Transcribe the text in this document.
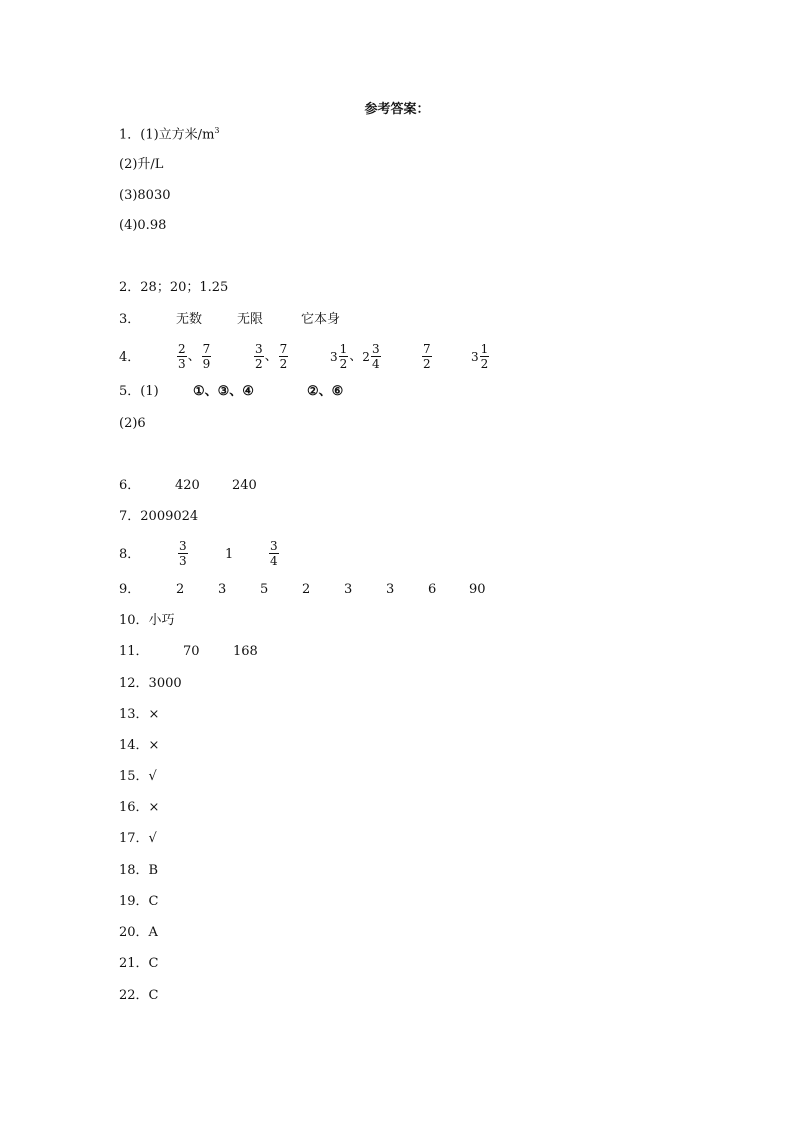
参考答案：
1．(1)立方米$/m^3$
(2)升/L
(3)8030
(4)0.98
2．28；20；1.25
3．	无数	无限	它本身
4．	$\frac{2}{3}$ 、 $\frac{7}{9}$	$\frac{3}{2}$ 、 $\frac{7}{2}$	$3 \frac{1}{2}$ 、 $2 \frac{3}{4}$	$\frac{7}{2}$	$3 \frac{1}{2}$
5．(1)	①、③、④	②、⑥
(2)6
6．	420 240
7．2009024
8．	$\frac{3}{3}$	1	$\frac{3}{4}$
9．	2	3	5	2	3	3	6	90
10．小巧
11．	70	168
12．3000
13．×
14．×
15．√
16．×
17．√
18．B
19．C
20．A
21．C
22．C
